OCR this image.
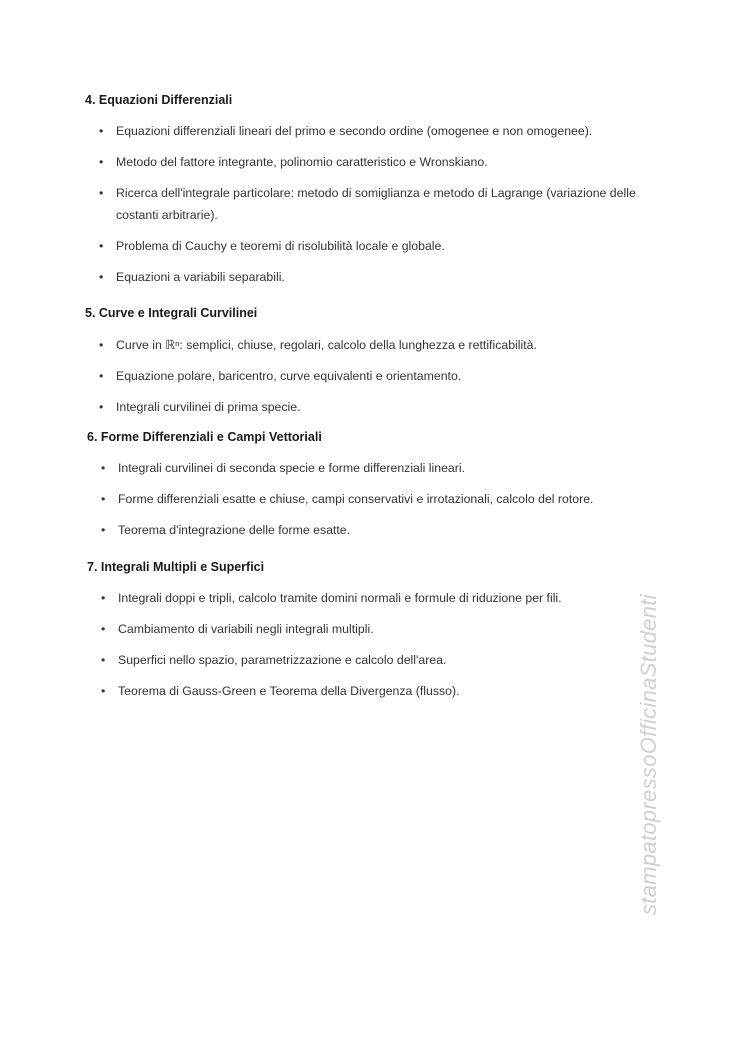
4. Equazioni Differenziali
• Equazioni differenziali lineari del primo e secondo ordine (omogenee e non omogenee).
• Metodo del fattore integrante, polinomio caratteristico e Wronskiano.
• Ricerca dell'integrale particolare: metodo di somiglianza e metodo di Lagrange (variazione delle costanti arbitrarie).
• Problema di Cauchy e teoremi di risolubilità locale e globale.
• Equazioni a variabili separabili.
5. Curve e Integrali Curvilinei
• Curve in ℝⁿ: semplici, chiuse, regolari, calcolo della lunghezza e rettificabilità.
• Equazione polare, baricentro, curve equivalenti e orientamento.
• Integrali curvilinei di prima specie.
6. Forme Differenziali e Campi Vettoriali
• Integrali curvilinei di seconda specie e forme differenziali lineari.
• Forme differenziali esatte e chiuse, campi conservativi e irrotazionali, calcolo del rotore.
• Teorema d'integrazione delle forme esatte.
7. Integrali Multipli e Superfici
• Integrali doppi e tripli, calcolo tramite domini normali e formule di riduzione per fili.
• Cambiamento di variabili negli integrali multipli.
• Superfici nello spazio, parametrizzazione e calcolo dell'area.
• Teorema di Gauss-Green e Teorema della Divergenza (flusso).	stampatopressoOfficinaStudenti
